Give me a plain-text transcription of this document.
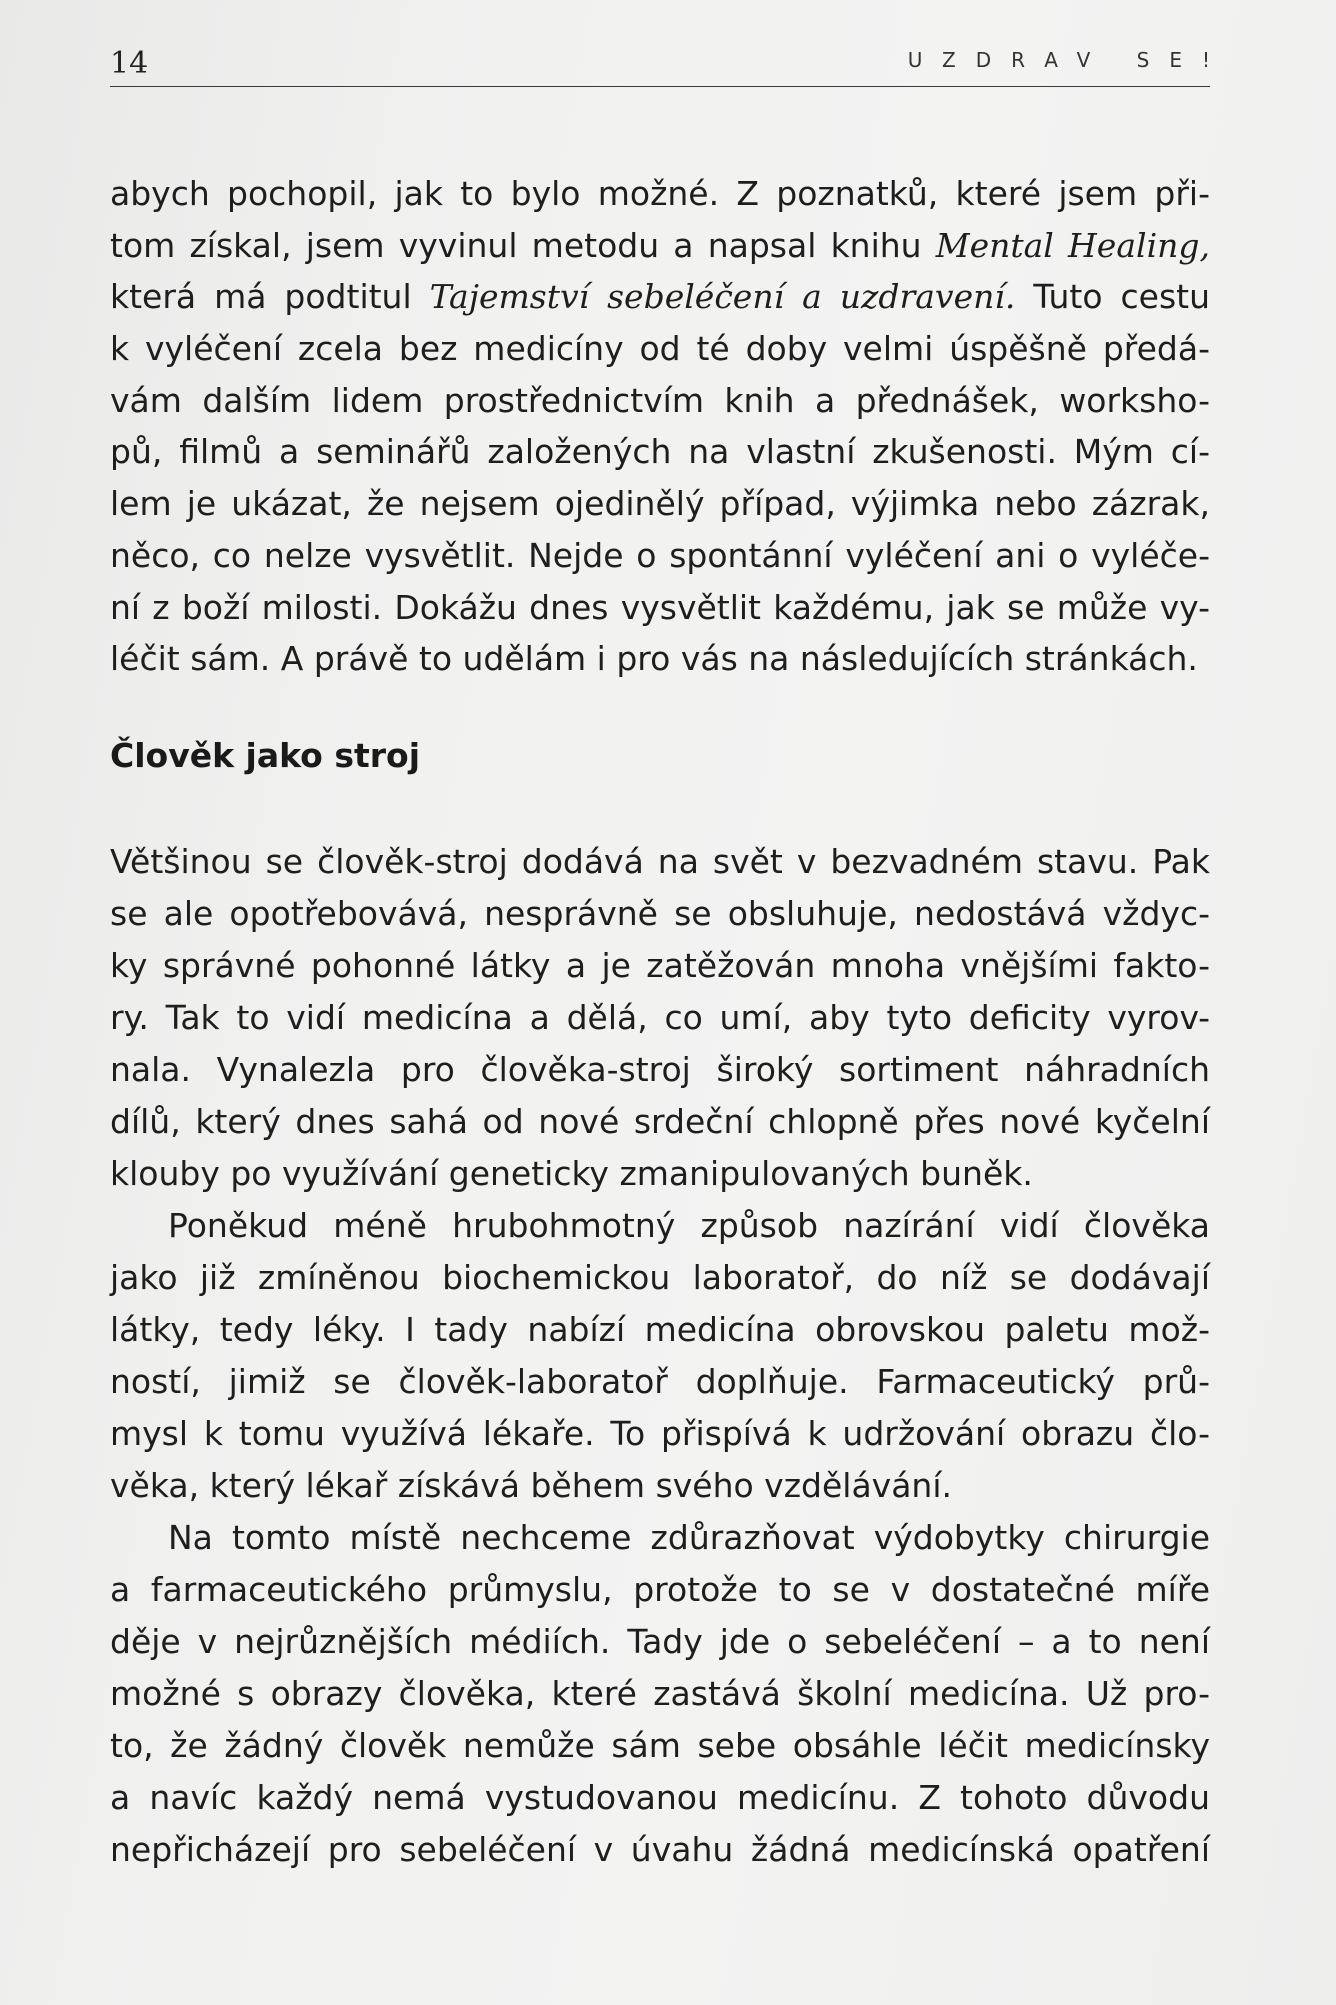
14	UZDRAV SE!
abych pochopil, jak to bylo možné. Z poznatků, které jsem při-
tom získal, jsem vyvinul metodu a napsal knihu Mental Healing,
která má podtitul Tajemství sebeléčení a uzdravení. Tuto cestu
k vyléčení zcela bez medicíny od té doby velmi úspěšně předá-
vám dalším lidem prostřednictvím knih a přednášek, worksho-
pů, filmů a seminářů založených na vlastní zkušenosti. Mým cí-
lem je ukázat, že nejsem ojedinělý případ, výjimka nebo zázrak,
něco, co nelze vysvětlit. Nejde o spontánní vyléčení ani o vyléče-
ní z boží milosti. Dokážu dnes vysvětlit každému, jak se může vy-
léčit sám. A právě to udělám i pro vás na následujících stránkách.
Člověk jako stroj
Většinou se člověk-stroj dodává na svět v bezvadném stavu. Pak
se ale opotřebovává, nesprávně se obsluhuje, nedostává vždyc-
ky správné pohonné látky a je zatěžován mnoha vnějšími fakto-
ry. Tak to vidí medicína a dělá, co umí, aby tyto deficity vyrov-
nala. Vynalezla pro člověka-stroj široký sortiment náhradních
dílů, který dnes sahá od nové srdeční chlopně přes nové kyčelní
klouby po využívání geneticky zmanipulovaných buněk.
Poněkud méně hrubohmotný způsob nazírání vidí člověka
jako již zmíněnou biochemickou laboratoř, do níž se dodávají
látky, tedy léky. I tady nabízí medicína obrovskou paletu mož-
ností, jimiž se člověk-laboratoř doplňuje. Farmaceutický prů-
mysl k tomu využívá lékaře. To přispívá k udržování obrazu člo-
věka, který lékař získává během svého vzdělávání.
Na tomto místě nechceme zdůrazňovat výdobytky chirurgie
a farmaceutického průmyslu, protože to se v dostatečné míře
děje v nejrůznějších médiích. Tady jde o sebeléčení – a to není
možné s obrazy člověka, které zastává školní medicína. Už pro-
to, že žádný člověk nemůže sám sebe obsáhle léčit medicínsky
a navíc každý nemá vystudovanou medicínu. Z tohoto důvodu
nepřicházejí pro sebeléčení v úvahu žádná medicínská opatření
